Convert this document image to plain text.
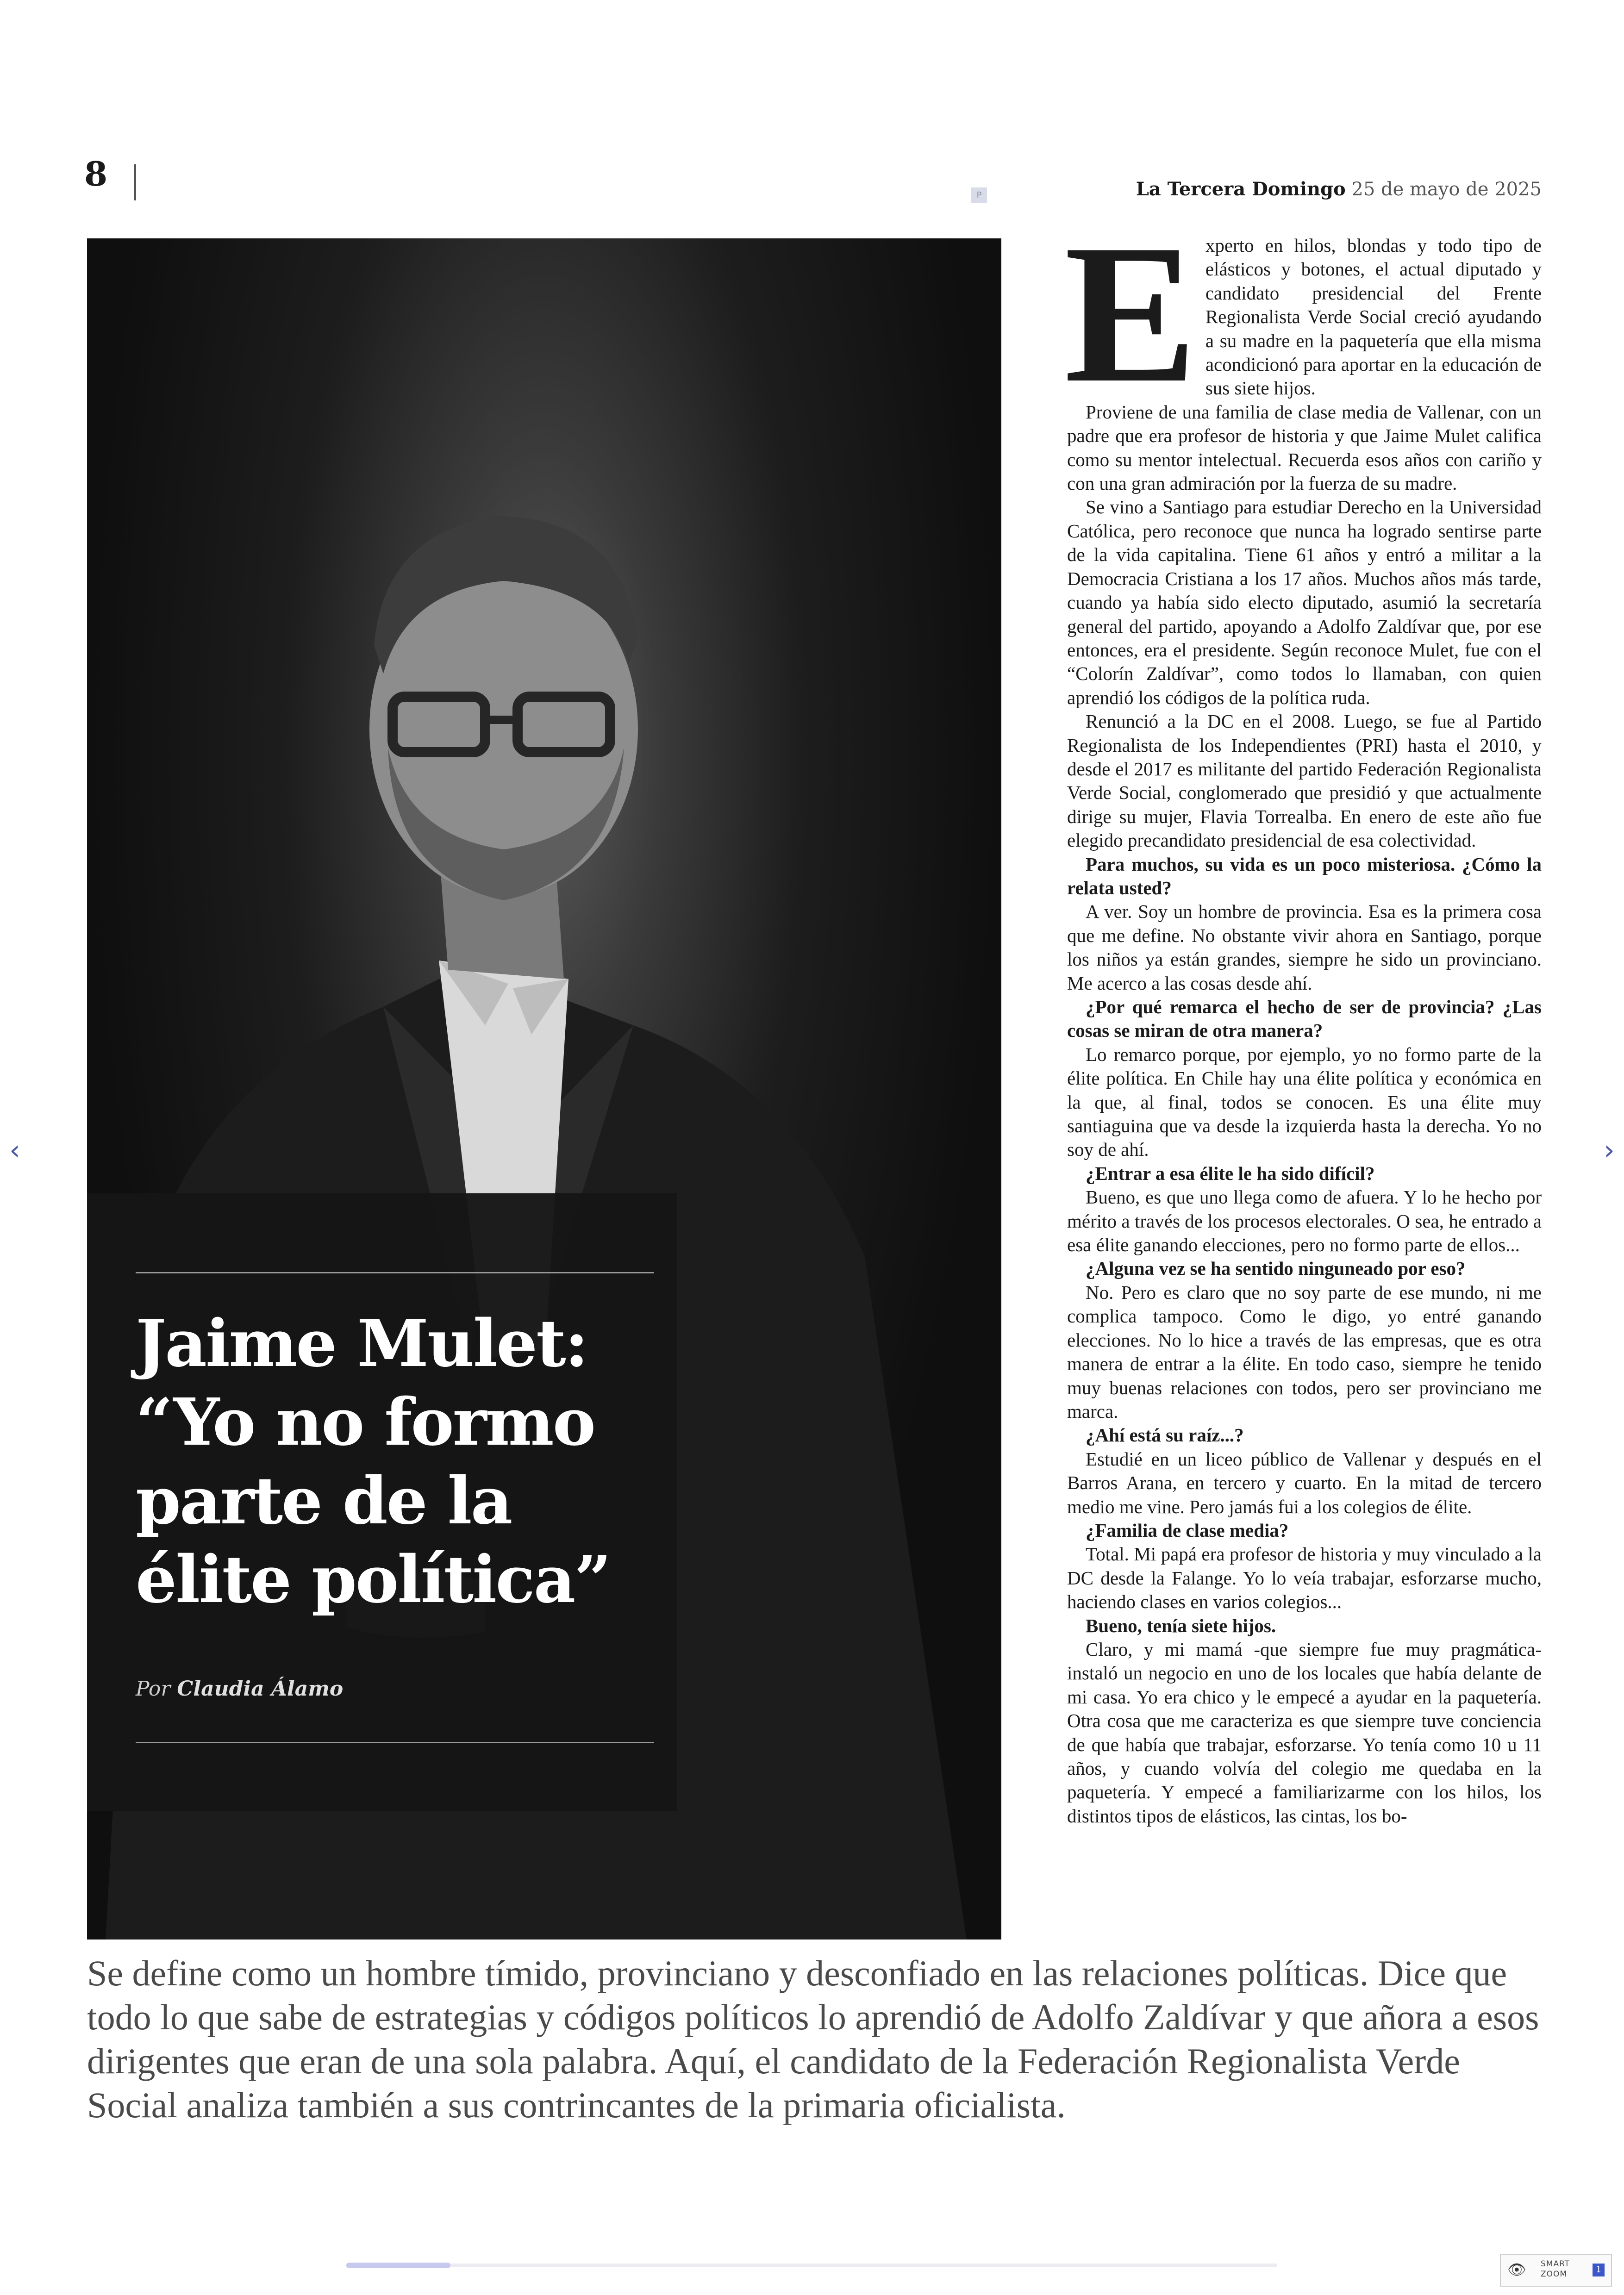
8
P	La Tercera Domingo 25 de mayo de 2025
Jaime Mulet: “Yo no formo parte de la élite política”
Por Claudia Álamo

Experto en hilos, blondas y todo tipo de elásticos y botones, el actual diputado y candidato presidencial del Frente Regionalista Verde Social creció ayudando a su madre en la paquetería que ella misma acondicionó para aportar en la educación de sus siete hijos.

Proviene de una familia de clase media de Vallenar, con un padre que era profesor de historia y que Jaime Mulet califica como su mentor intelectual. Recuerda esos años con cariño y con una gran admiración por la fuerza de su madre.

Se vino a Santiago para estudiar Derecho en la Universidad Católica, pero reconoce que nunca ha logrado sentirse parte de la vida capitalina. Tiene 61 años y entró a militar a la Democracia Cristiana a los 17 años. Muchos años más tarde, cuando ya había sido electo diputado, asumió la secretaría general del partido, apoyando a Adolfo Zaldívar que, por ese entonces, era el presidente. Según reconoce Mulet, fue con el “Colorín Zaldívar”, como todos lo llamaban, con quien aprendió los códigos de la política ruda.

Renunció a la DC en el 2008. Luego, se fue al Partido Regionalista de los Independientes (PRI) hasta el 2010, y desde el 2017 es militante del partido Federación Regionalista Verde Social, conglomerado que presidió y que actualmente dirige su mujer, Flavia Torrealba. En enero de este año fue elegido precandidato presidencial de esa colectividad.

Para muchos, su vida es un poco misteriosa. ¿Cómo la relata usted?

A ver. Soy un hombre de provincia. Esa es la primera cosa que me define. No obstante vivir ahora en Santiago, porque los niños ya están grandes, siempre he sido un provinciano. Me acerco a las cosas desde ahí.

¿Por qué remarca el hecho de ser de provincia? ¿Las cosas se miran de otra manera?

Lo remarco porque, por ejemplo, yo no formo parte de la élite política. En Chile hay una élite política y económica en la que, al final, todos se conocen. Es una élite muy santiaguina que va desde la izquierda hasta la derecha. Yo no soy de ahí.

¿Entrar a esa élite le ha sido difícil?

Bueno, es que uno llega como de afuera. Y lo he hecho por mérito a través de los procesos electorales. O sea, he entrado a esa élite ganando elecciones, pero no formo parte de ellos...

¿Alguna vez se ha sentido ninguneado por eso?

No. Pero es claro que no soy parte de ese mundo, ni me complica tampoco. Como le digo, yo entré ganando elecciones. No lo hice a través de las empresas, que es otra manera de entrar a la élite. En todo caso, siempre he tenido muy buenas relaciones con todos, pero ser provinciano me marca.

¿Ahí está su raíz...?

Estudié en un liceo público de Vallenar y después en el Barros Arana, en tercero y cuarto. En la mitad de tercero medio me vine. Pero jamás fui a los colegios de élite.

¿Familia de clase media?

Total. Mi papá era profesor de historia y muy vinculado a la DC desde la Falange. Yo lo veía trabajar, esforzarse mucho, haciendo clases en varios colegios...

Bueno, tenía siete hijos.

Claro, y mi mamá -que siempre fue muy pragmática- instaló un negocio en uno de los locales que había delante de mi casa. Yo era chico y le empecé a ayudar en la paquetería. Otra cosa que me caracteriza es que siempre tuve conciencia de que había que trabajar, esforzarse. Yo tenía como 10 u 11 años, y cuando volvía del colegio me quedaba en la paquetería. Y empecé a familiarizarme con los hilos, los distintos tipos de elásticos, las cintas, los bo-

Se define como un hombre tímido, provinciano y desconfiado en las relaciones políticas. Dice que todo lo que sabe de estrategias y códigos políticos lo aprendió de Adolfo Zaldívar y que añora a esos dirigentes que eran de una sola palabra. Aquí, el candidato de la Federación Regionalista Verde Social analiza también a sus contrincantes de la primaria oficialista.

‹	›
👁 SMART
ZOOM	1
